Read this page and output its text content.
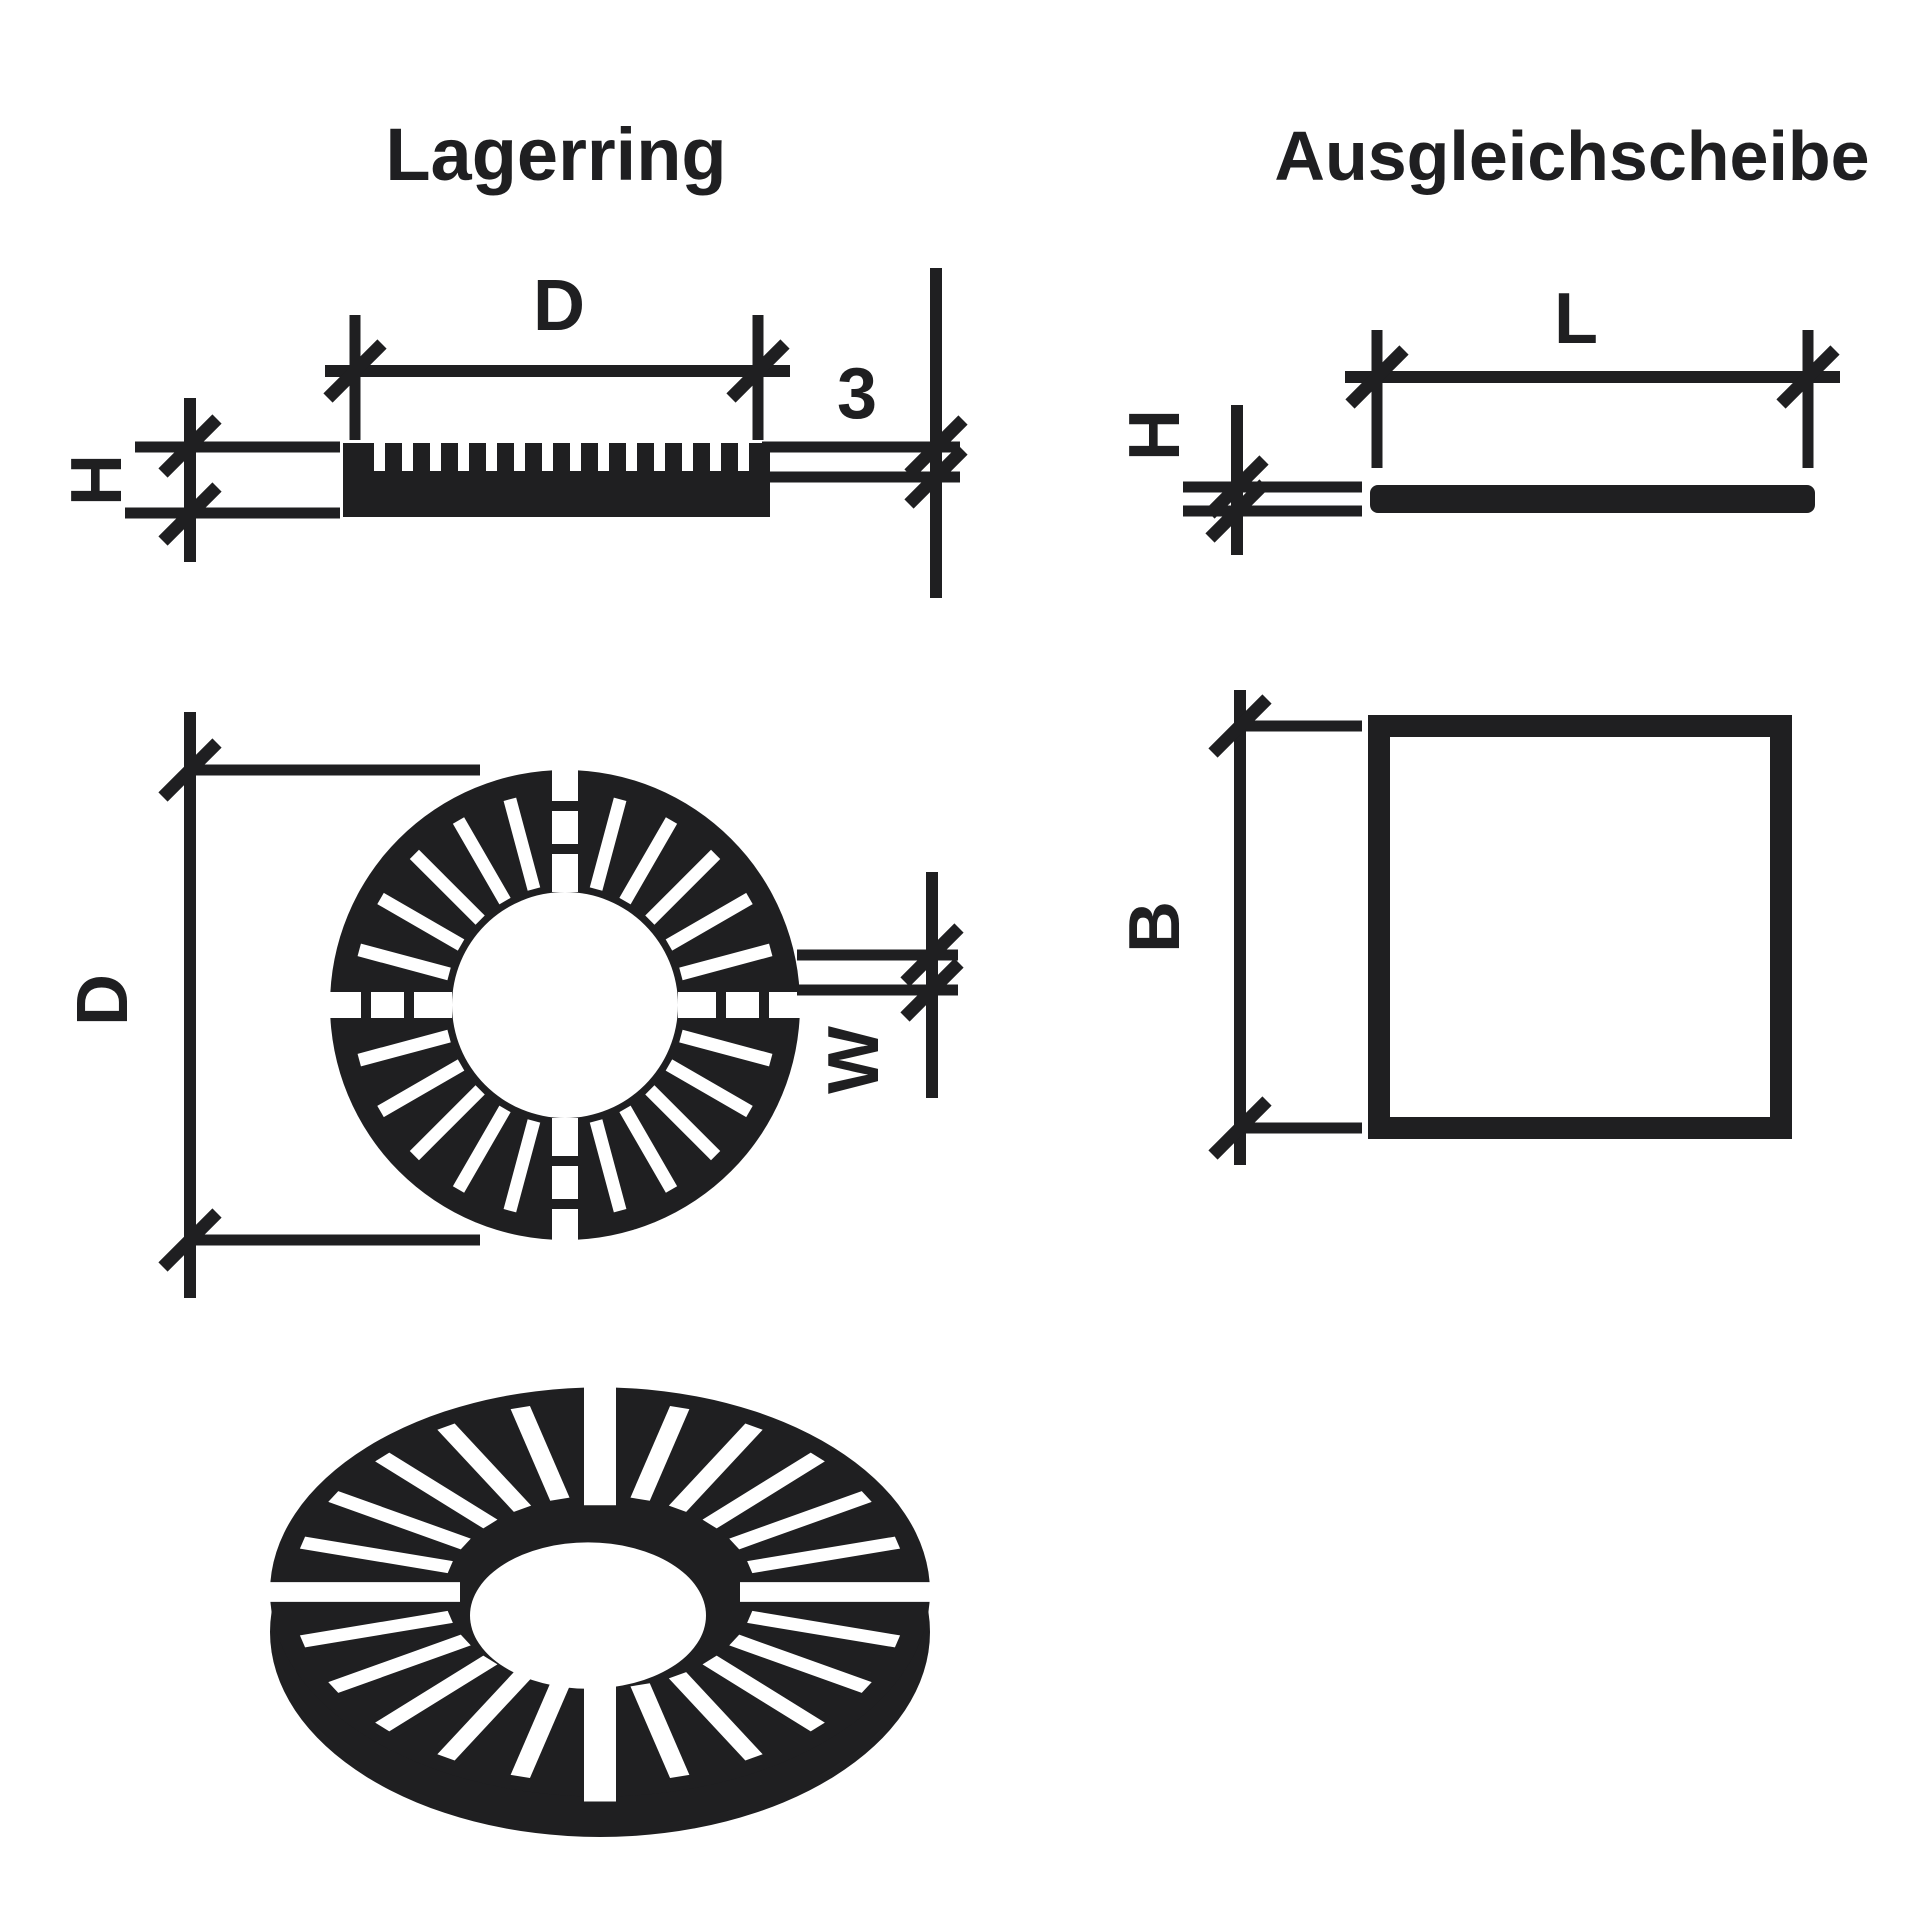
Lagerring	Ausgleichscheibe
D
H
3
D
W
L
H
B
